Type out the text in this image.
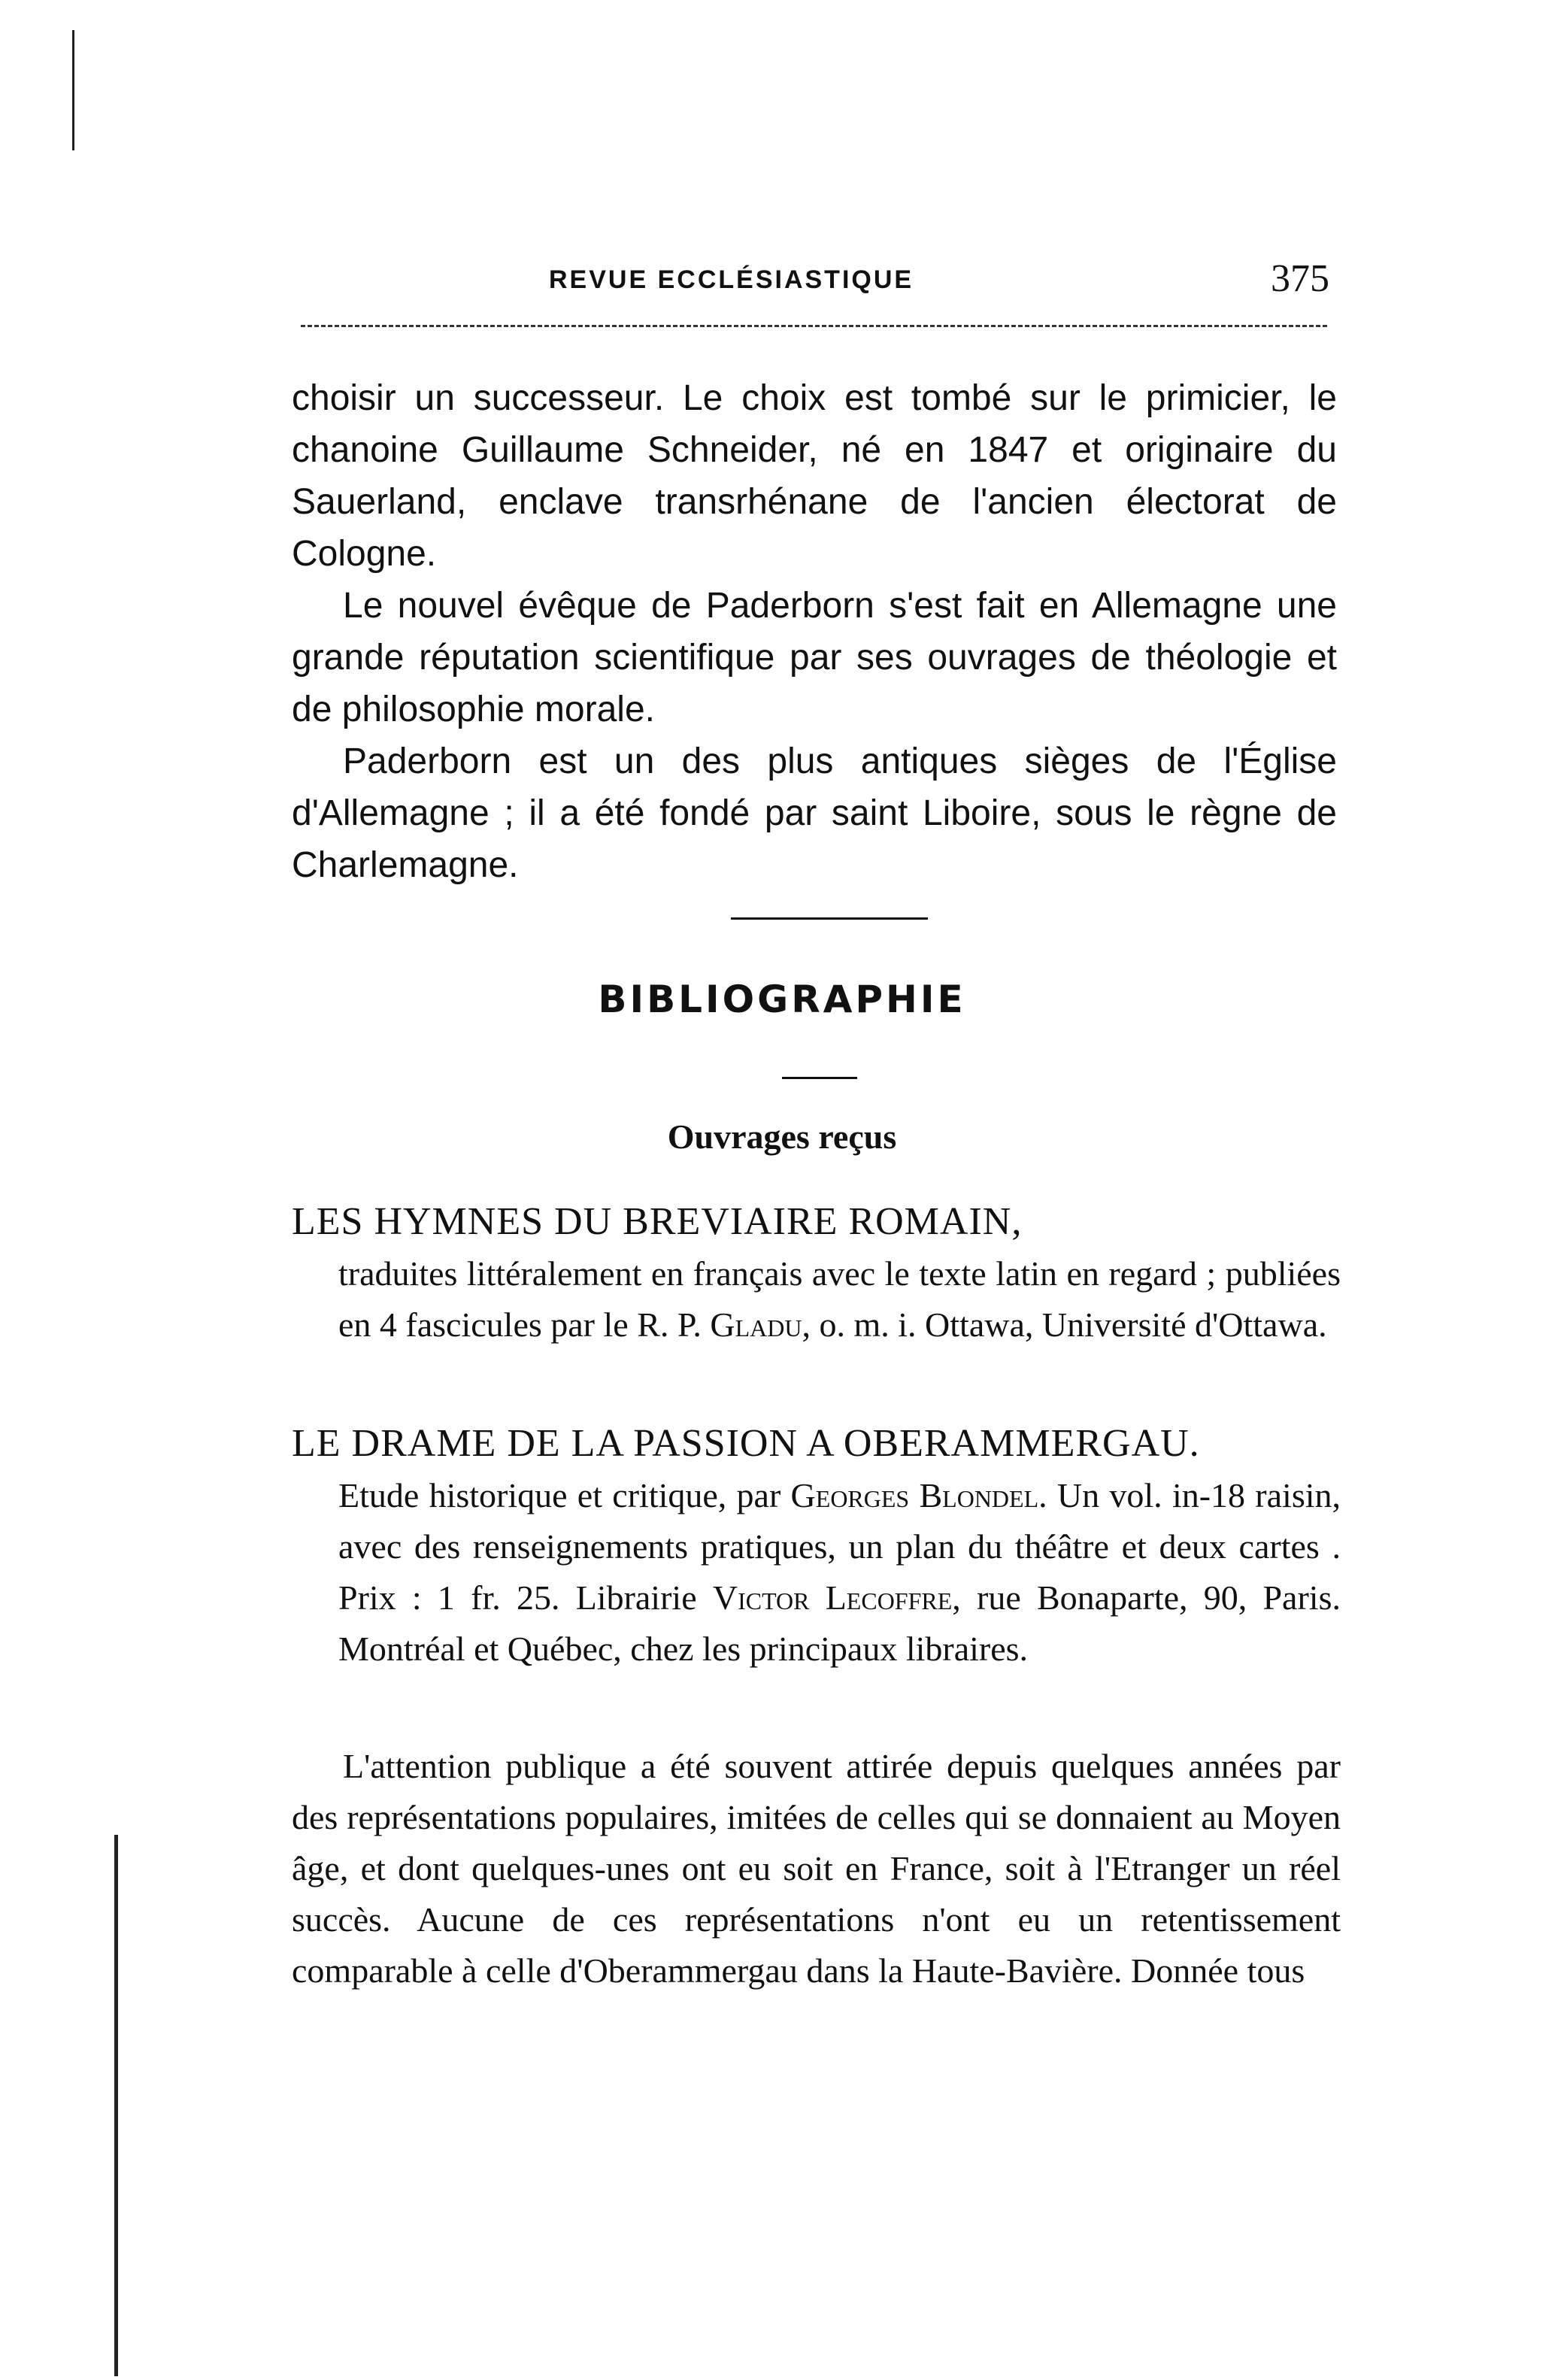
REVUE ECCLÉSIASTIQUE	375

choisir un successeur. Le choix est tombé sur le primicier, le chanoine Guillaume Schneider, né en 1847 et originaire du Sauerland, enclave transrhénane de l'ancien électorat de Cologne.

Le nouvel évêque de Paderborn s'est fait en Allemagne une grande réputation scientifique par ses ouvrages de théologie et de philosophie morale.

Paderborn est un des plus antiques sièges de l'Église d'Allemagne ; il a été fondé par saint Liboire, sous le règne de Charlemagne.

BIBLIOGRAPHIE
Ouvrages reçus

LES HYMNES DU BREVIAIRE ROMAIN,

traduites littéralement en français avec le texte latin en regard ; publiées en 4 fascicules par le R. P. Gladu, o. m. i. Ottawa, Université d'Ottawa.

LE DRAME DE LA PASSION A OBERAMMERGAU.

Etude historique et critique, par Georges Blondel. Un vol. in-18 raisin, avec des renseignements pratiques, un plan du théâtre et deux cartes . Prix : 1 fr. 25. Librairie Victor Lecoffre, rue Bonaparte, 90, Paris. Montréal et Québec, chez les principaux libraires.

L'attention publique a été souvent attirée depuis quelques années par des représentations populaires, imitées de celles qui se donnaient au Moyen âge, et dont quelques-unes ont eu soit en France, soit à l'Etranger un réel succès. Aucune de ces représentations n'ont eu un retentissement comparable à celle d'Oberammergau dans la Haute-Bavière. Donnée tous
